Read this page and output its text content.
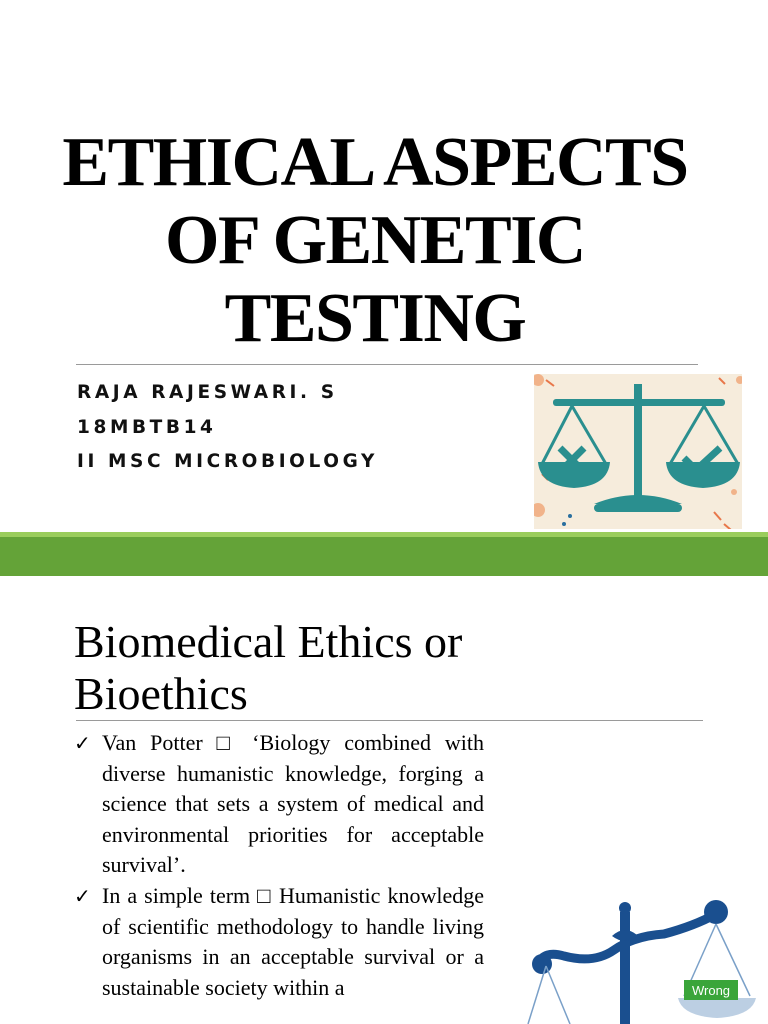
ETHICAL ASPECTS
OF GENETIC
TESTING
RAJA RAJESWARI. S
18MBTB14
II MSC MICROBIOLOGY
Biomedical Ethics or
Bioethics
✓ Van Potter □ ‘Biology combined with diverse humanistic knowledge, forging a science that sets a system of medical and environmental priorities for acceptable survival’.
✓ In a simple term □ Humanistic knowledge of scientific methodology to handle living organisms in an acceptable survival or a sustainable society within a	Wrong
